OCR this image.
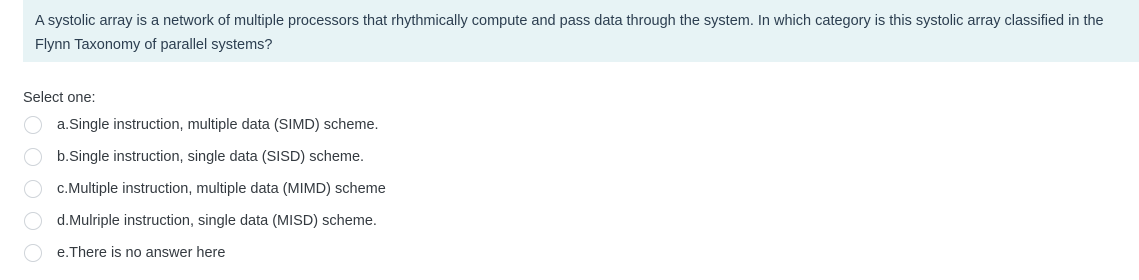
A systolic array is a network of multiple processors that rhythmically compute and pass data through the system. In which category is this systolic array classified in the Flynn Taxonomy of parallel systems?

Select one:
a.Single instruction, multiple data (SIMD) scheme.
b.Single instruction, single data (SISD) scheme.
c.Multiple instruction, multiple data (MIMD) scheme
d.Mulriple instruction, single data (MISD) scheme.
e.There is no answer here
